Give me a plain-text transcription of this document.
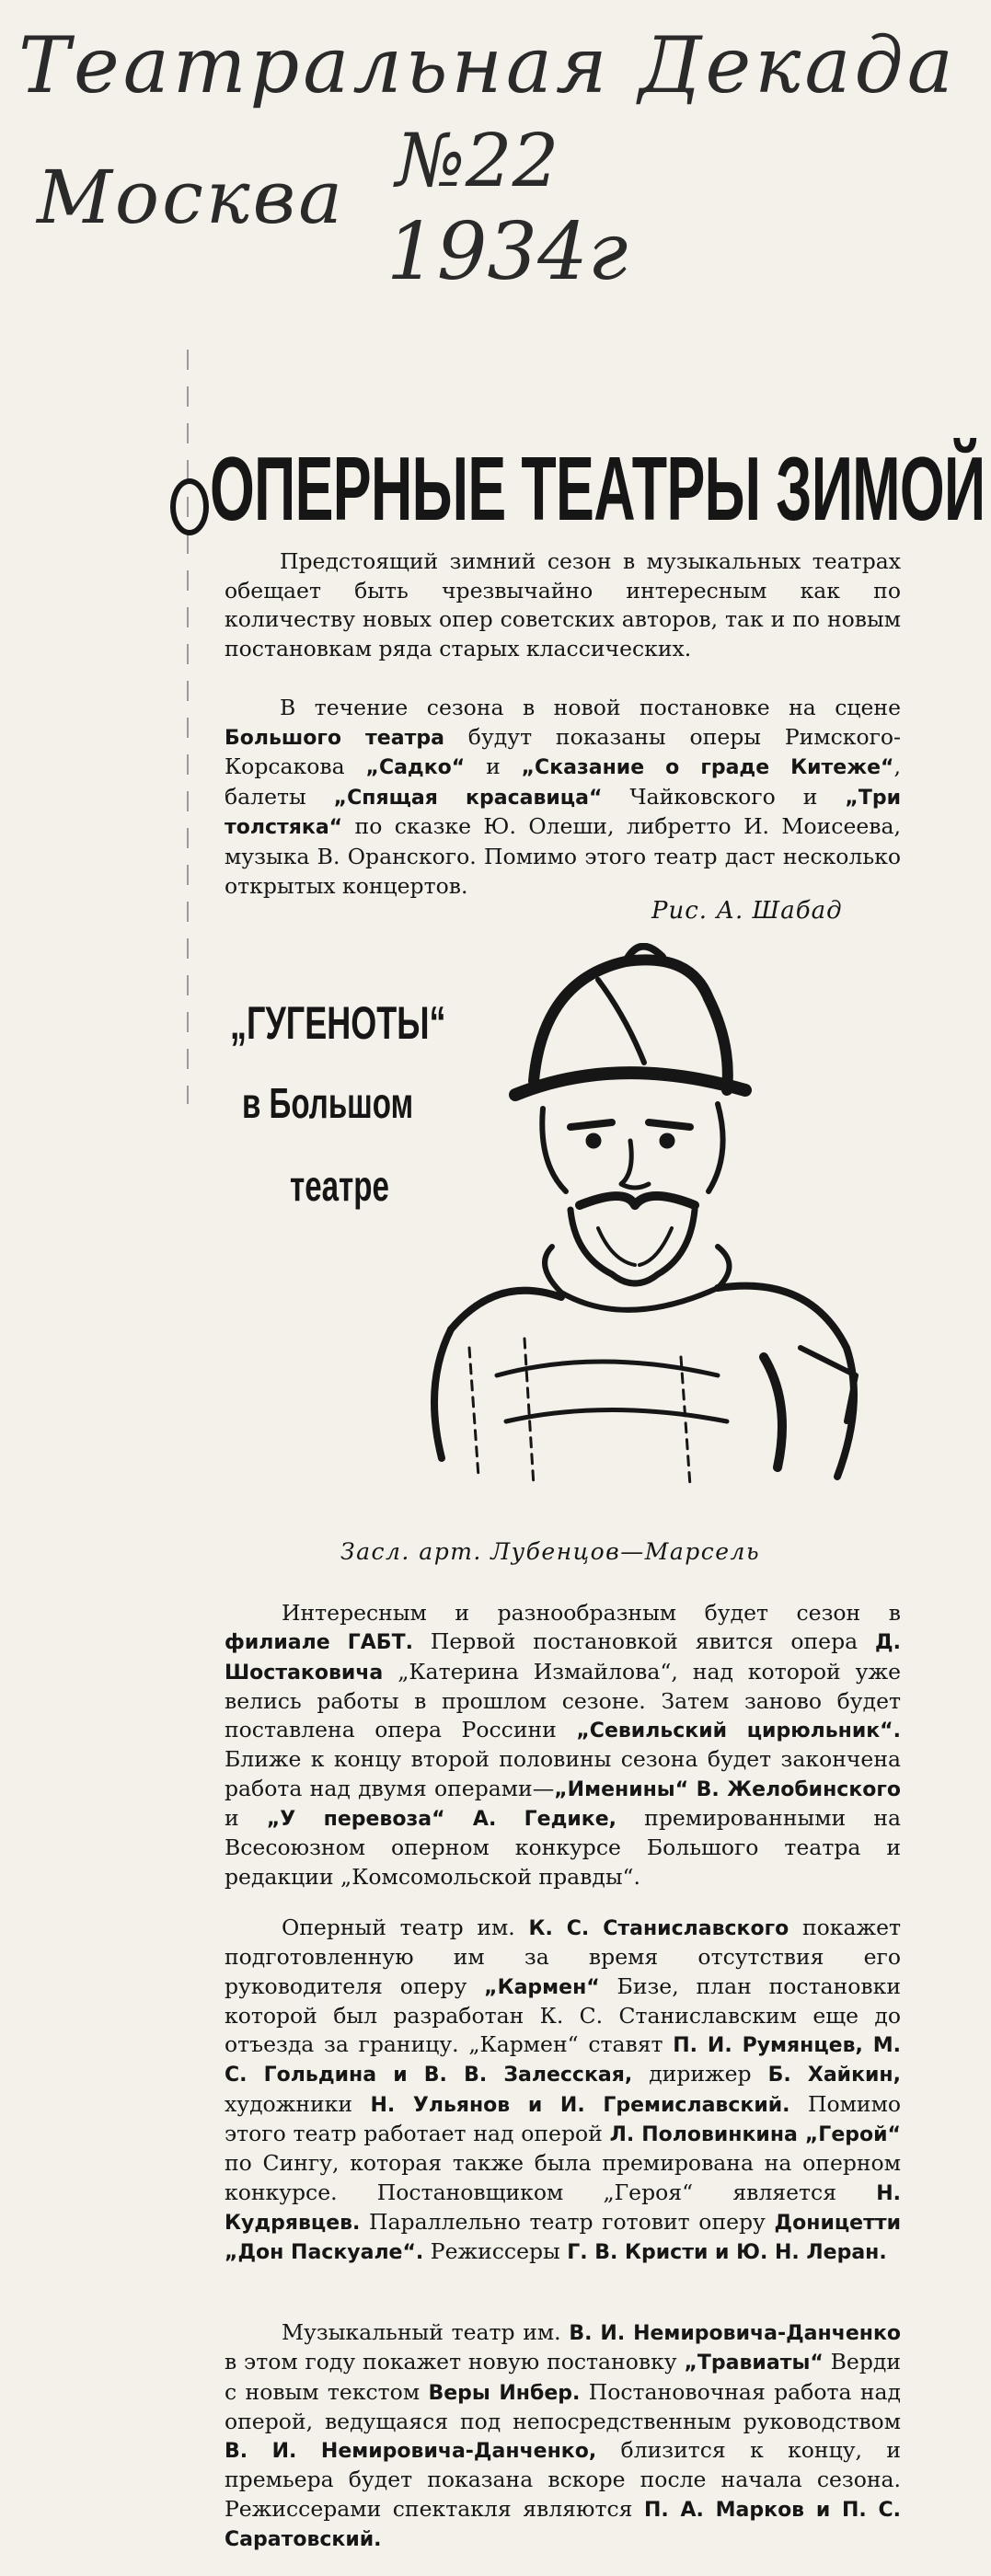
Театральная Декада

№22

Москва

1934г

ОПЕРНЫЕ ТЕАТРЫ ЗИМОЙ

Предстоящий зимний сезон в музыкальных театрах обещает быть чрезвычайно интересным как по количеству новых опер советских авторов, так и по новым постановкам ряда старых классических.

В течение сезона в новой постановке на сцене Большого театра будут показаны оперы Римского-Корсакова „Садко“ и „Сказание о граде Китеже“, балеты „Спящая красавица“ Чайковского и „Три толстяка“ по сказке Ю. Олеши, либретто И. Моисеева, музыка В. Оранского. Помимо этого театр даст несколько открытых концертов.

Рис. А. Шабад

„ГУГЕНОТЫ“

в Большом

театре

Засл. арт. Лубенцов—Марсель

Интересным и разнообразным будет сезон в филиале ГАБТ. Первой постановкой явится опера Д. Шостаковича „Катерина Измайлова“, над которой уже велись работы в прошлом сезоне. Затем заново будет поставлена опера Россини „Севильский цирюльник“. Ближе к концу второй половины сезона будет закончена работа над двумя операми—„Именины“ В. Желобинского и „У перевоза“ А. Гедике, премированными на Всесоюзном оперном конкурсе Большого театра и редакции „Комсомольской правды“.

Оперный театр им. К. С. Станиславского покажет подготовленную им за время отсутствия его руководителя оперу „Кармен“ Бизе, план постановки которой был разработан К. С. Станиславским еще до отъезда за границу. „Кармен“ ставят П. И. Румянцев, М. С. Гольдина и В. В. Залесская, дирижер Б. Хайкин, художники Н. Ульянов и И. Гремиславский. Помимо этого театр работает над оперой Л. Половинкина „Герой“ по Сингу, которая также была премирована на оперном конкурсе. Постановщиком „Героя“ является Н. Кудрявцев. Параллельно театр готовит оперу Доницетти „Дон Паскуале“. Режиссеры Г. В. Кристи и Ю. Н. Леран.

Музыкальный театр им. В. И. Немировича-Данченко в этом году покажет новую постановку „Травиаты“ Верди с новым текстом Веры Инбер. Постановочная работа над оперой, ведущаяся под непосредственным руководством В. И. Немировича-Данченко, близится к концу, и премьера будет показана вскоре после начала сезона. Режиссерами спектакля являются П. А. Марков и П. С. Саратовский.
